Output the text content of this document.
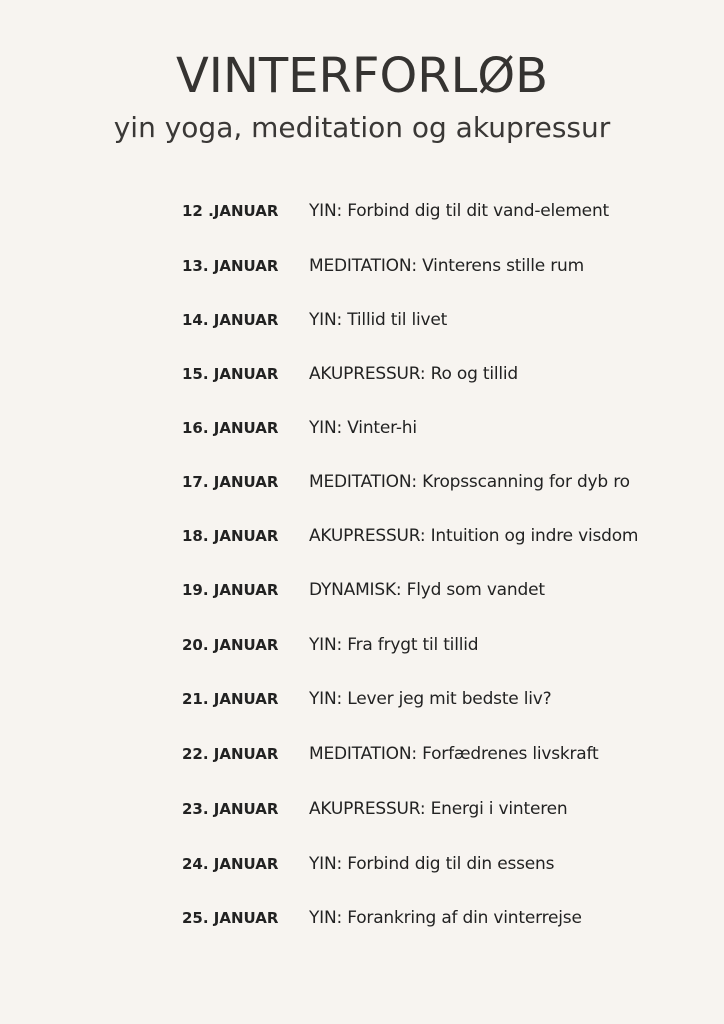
VINTERFORLØB
yin yoga, meditation og akupressur
12 .JANUAR YIN: Forbind dig til dit vand-element
13. JANUAR MEDITATION: Vinterens stille rum
14. JANUAR YIN: Tillid til livet
15. JANUAR AKUPRESSUR: Ro og tillid
16. JANUAR YIN: Vinter-hi
17. JANUAR MEDITATION: Kropsscanning for dyb ro
18. JANUAR AKUPRESSUR: Intuition og indre visdom
19. JANUAR DYNAMISK: Flyd som vandet
20. JANUAR YIN: Fra frygt til tillid
21. JANUAR YIN: Lever jeg mit bedste liv?
22. JANUAR MEDITATION: Forfædrenes livskraft
23. JANUAR AKUPRESSUR: Energi i vinteren
24. JANUAR YIN: Forbind dig til din essens
25. JANUAR YIN: Forankring af din vinterrejse
